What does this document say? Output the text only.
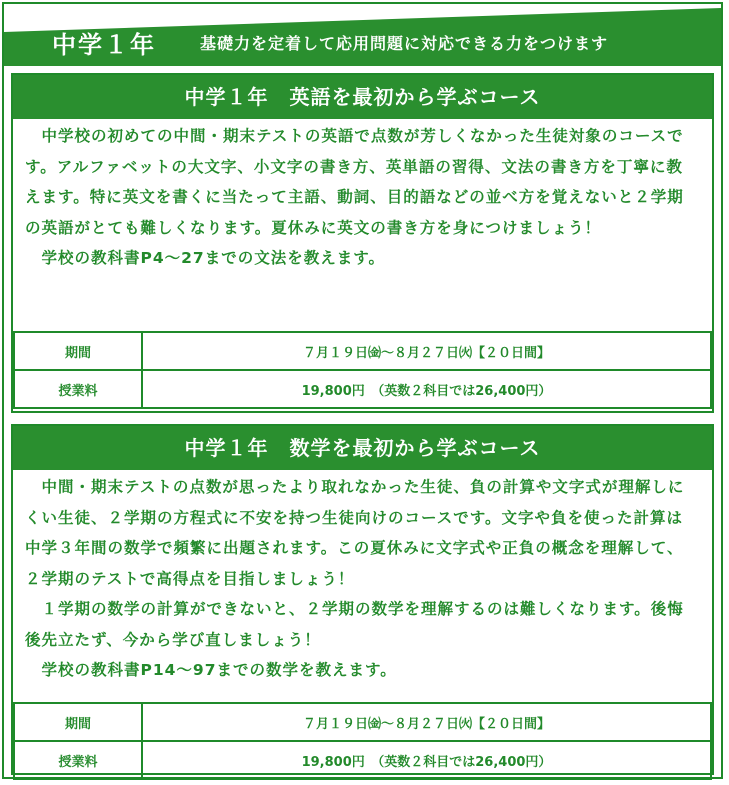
中学１年	基礎力を定着して応用問題に対応できる力をつけます
中学１年　英語を最初から学ぶコース

　中学校の初めての中間・期末テストの英語で点数が芳しくなかった生徒対象のコースです。アルファベットの大文字、小文字の書き方、英単語の習得、文法の書き方を丁寧に教えます。特に英文を書くに当たって主語、動詞、目的語などの並べ方を覚えないと２学期の英語がとても難しくなります。夏休みに英文の書き方を身につけましょう！

　学校の教科書P4～27までの文法を教えます。

期間	７月１９日㈮～８月２７日㈫【２０日間】
授業料	19,800円　（英数２科目では26,400円）
中学１年　数学を最初から学ぶコース

　中間・期末テストの点数が思ったより取れなかった生徒、負の計算や文字式が理解しにくい生徒、２学期の方程式に不安を持つ生徒向けのコースです。文字や負を使った計算は中学３年間の数学で頻繁に出題されます。この夏休みに文字式や正負の概念を理解して、２学期のテストで高得点を目指しましょう！

　１学期の数学の計算ができないと、２学期の数学を理解するのは難しくなります。後悔後先立たず、今から学び直しましょう！

　学校の教科書P14～97までの数学を教えます。

期間	７月１９日㈮～８月２７日㈫【２０日間】
授業料	19,800円　（英数２科目では26,400円）
